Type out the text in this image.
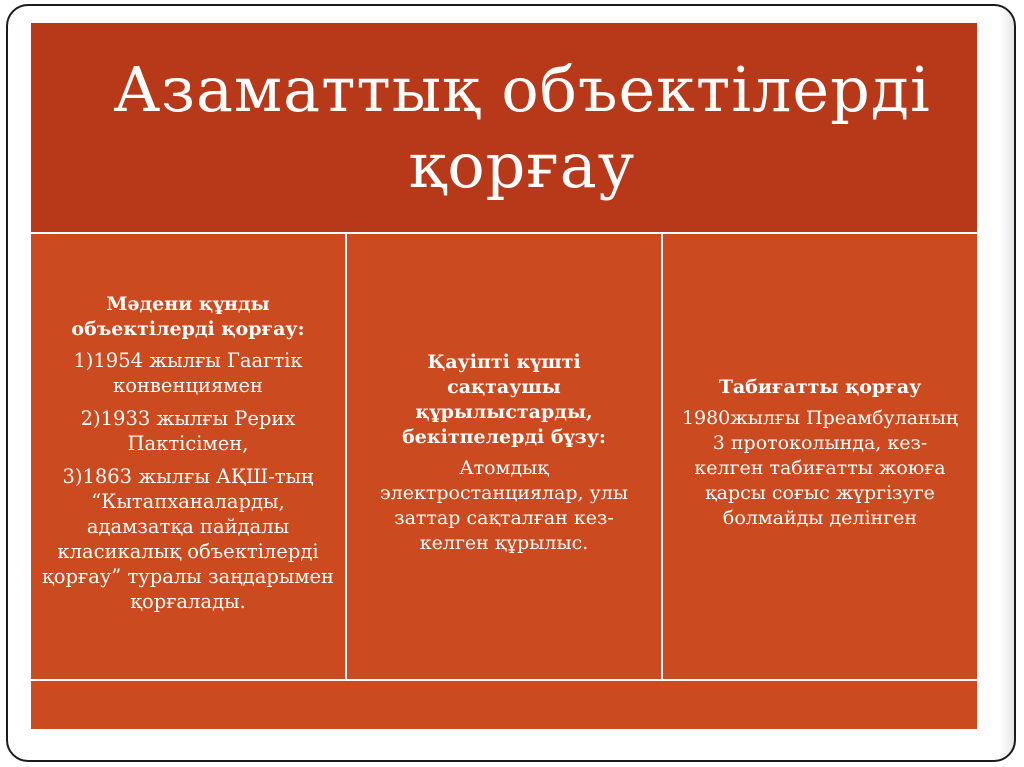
Азаматтық объектілерді қорғау
Мәдени құнды объектілерді қорғау:
1)1954 жылғы Гаагтік конвенциямен
2)1933 жылғы Рерих Пактісімен,
3)1863 жылғы АҚШ-тың “Кытапханаларды, адамзатқа пайдалы класикалық объектілерді қорғау” туралы заңдарымен қорғалады.
Қауіпті күшті сақтаушы құрылыстарды, бекітпелерді бұзу:
Атомдық электростанциялар, улы заттар сақталған кез-келген құрылыс.
Табиғатты қорғау
1980жылғы Преамбуланың 3 протоколында, кез-келген табиғатты жоюға қарсы соғыс жүргізуге болмайды делінген
